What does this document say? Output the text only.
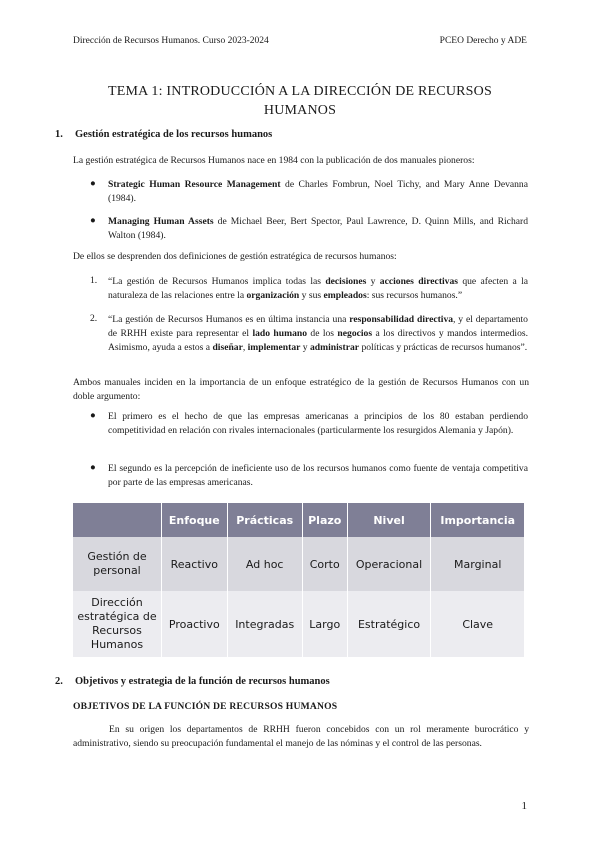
Dirección de Recursos Humanos. Curso 2023-2024	PCEO Derecho y ADE
TEMA 1: INTRODUCCIÓN A LA DIRECCIÓN DE RECURSOS HUMANOS
1. Gestión estratégica de los recursos humanos
La gestión estratégica de Recursos Humanos nace en 1984 con la publicación de dos manuales pioneros:
● Strategic Human Resource Management de Charles Fombrun, Noel Tichy, and Mary Anne Devanna (1984).
● Managing Human Assets de Michael Beer, Bert Spector, Paul Lawrence, D. Quinn Mills, and Richard Walton (1984).
De ellos se desprenden dos definiciones de gestión estratégica de recursos humanos:
1. “La gestión de Recursos Humanos implica todas las decisiones y acciones directivas que afecten a la naturaleza de las relaciones entre la organización y sus empleados: sus recursos humanos.”
2. “La gestión de Recursos Humanos es en última instancia una responsabilidad directiva, y el departamento de RRHH existe para representar el lado humano de los negocios a los directivos y mandos intermedios. Asimismo, ayuda a estos a diseñar, implementar y administrar políticas y prácticas de recursos humanos”.
Ambos manuales inciden en la importancia de un enfoque estratégico de la gestión de Recursos Humanos con un doble argumento:
● El primero es el hecho de que las empresas americanas a principios de los 80 estaban perdiendo competitividad en relación con rivales internacionales (particularmente los resurgidos Alemania y Japón).
● El segundo es la percepción de ineficiente uso de los recursos humanos como fuente de ventaja competitiva por parte de las empresas americanas.
	Enfoque	Prácticas	Plazo	Nivel	Importancia
Gestión de personal	Reactivo	Ad hoc	Corto	Operacional	Marginal
Dirección estratégica de Recursos Humanos	Proactivo	Integradas	Largo	Estratégico	Clave
2. Objetivos y estrategia de la función de recursos humanos
OBJETIVOS DE LA FUNCIÓN DE RECURSOS HUMANOS
En su origen los departamentos de RRHH fueron concebidos con un rol meramente burocrático y administrativo, siendo su preocupación fundamental el manejo de las nóminas y el control de las personas.
1
